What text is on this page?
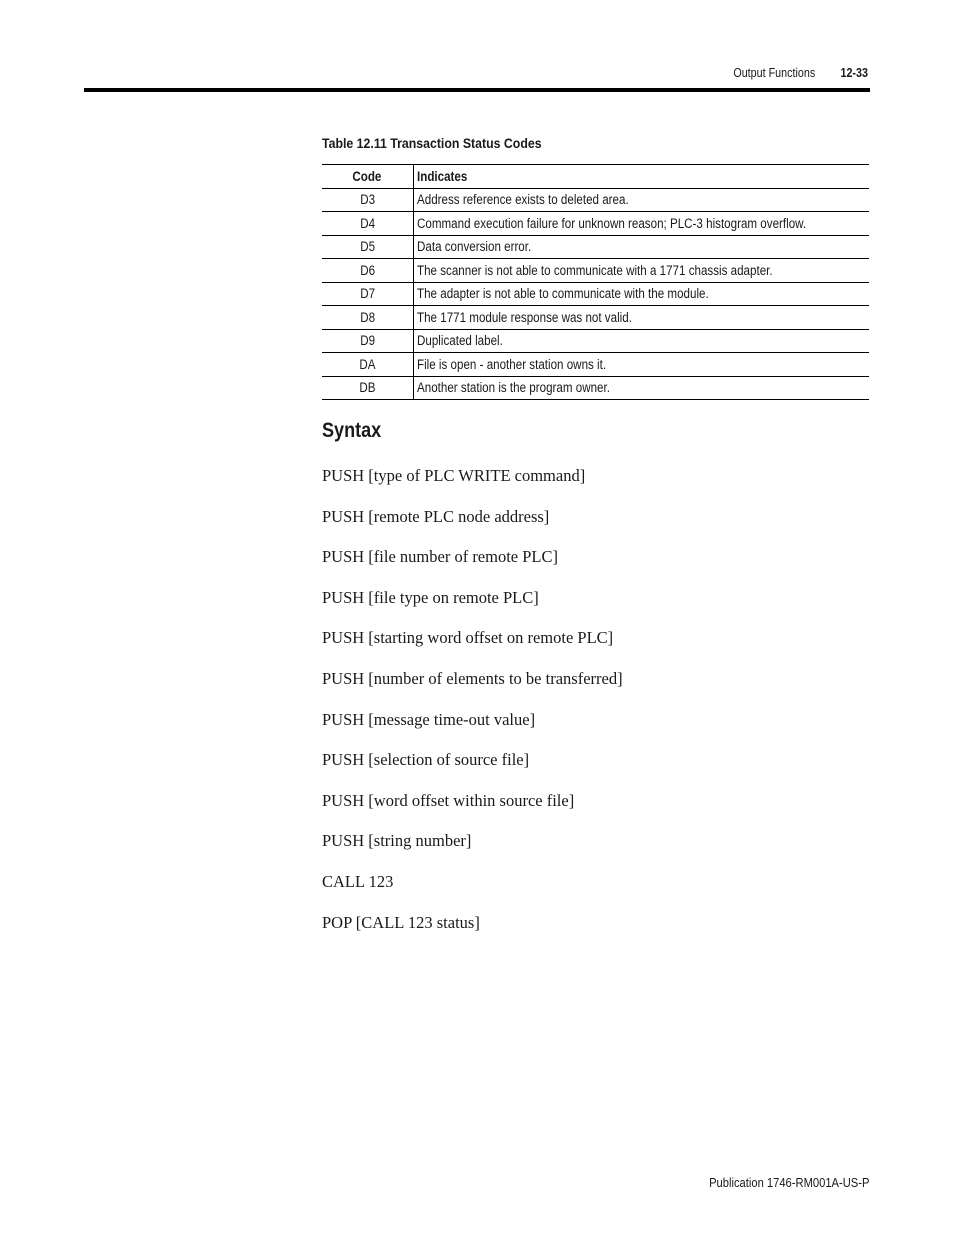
Output Functions 12-33
Table 12.11 Transaction Status Codes
Code	Indicates
D3	Address reference exists to deleted area.
D4	Command execution failure for unknown reason; PLC-3 histogram overflow.
D5	Data conversion error.
D6	The scanner is not able to communicate with a 1771 chassis adapter.
D7	The adapter is not able to communicate with the module.
D8	The 1771 module response was not valid.
D9	Duplicated label.
DA	File is open - another station owns it.
DB	Another station is the program owner.
Syntax
PUSH [type of PLC WRITE command]
PUSH [remote PLC node address]
PUSH [file number of remote PLC]
PUSH [file type on remote PLC]
PUSH [starting word offset on remote PLC]
PUSH [number of elements to be transferred]
PUSH [message time-out value]
PUSH [selection of source file]
PUSH [word offset within source file]
PUSH [string number]
CALL 123
POP [CALL 123 status]
Publication 1746-RM001A-US-P
